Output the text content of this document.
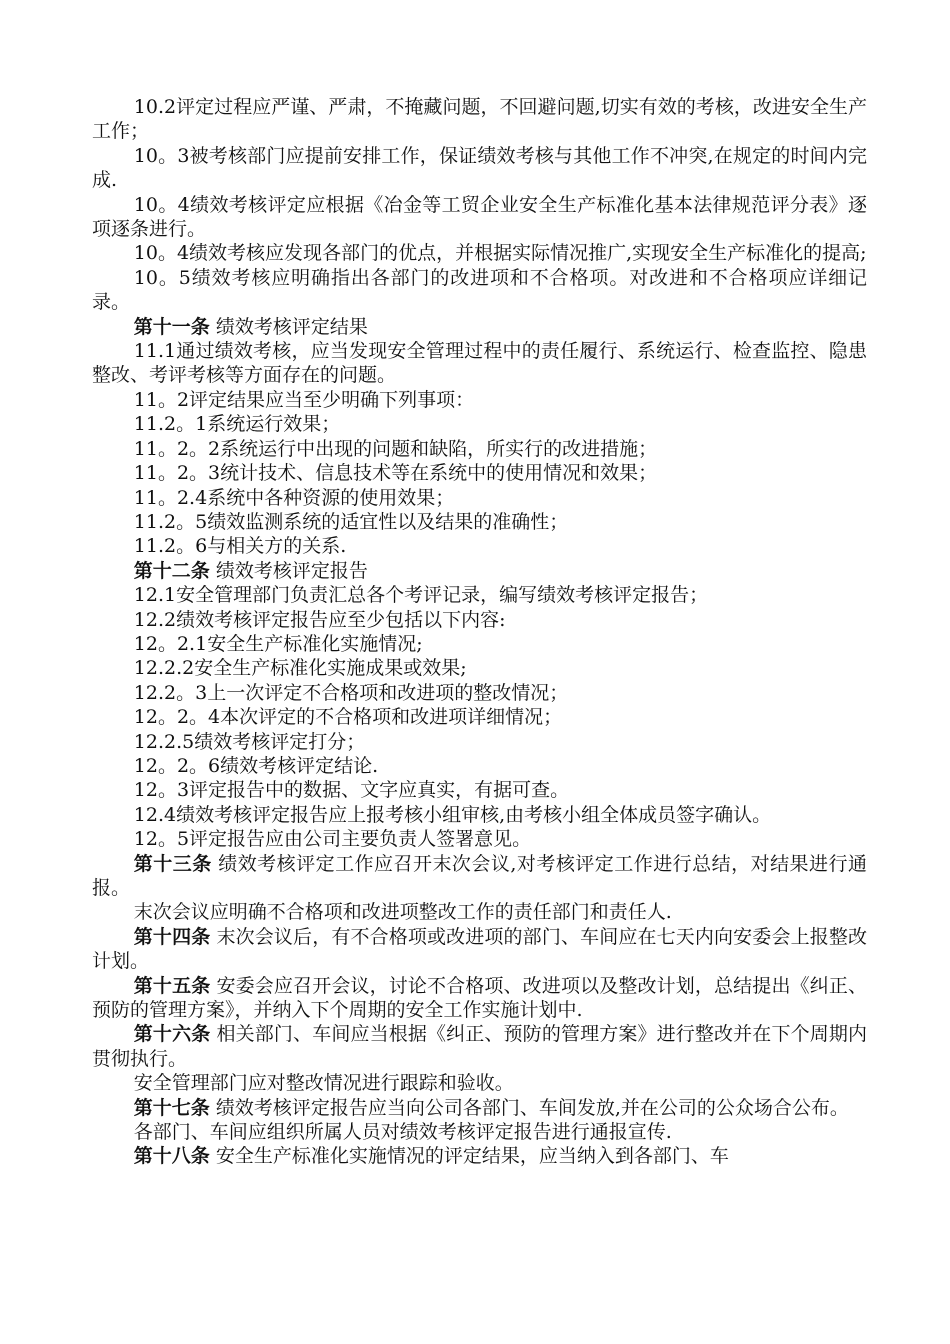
10.2评定过程应严谨、严肃，不掩藏问题，不回避问题,切实有效的考核，改进安全生产工作；

10。3被考核部门应提前安排工作，保证绩效考核与其他工作不冲突,在规定的时间内完成.

10。4绩效考核评定应根据《冶金等工贸企业安全生产标准化基本法律规范评分表》逐项逐条进行。

10。4绩效考核应发现各部门的优点，并根据实际情况推广,实现安全生产标准化的提高;

10。5绩效考核应明确指出各部门的改进项和不合格项。对改进和不合格项应详细记录。

第十一条 绩效考核评定结果

11.1通过绩效考核，应当发现安全管理过程中的责任履行、系统运行、检查监控、隐患整改、考评考核等方面存在的问题。

11。2评定结果应当至少明确下列事项：

11.2。1系统运行效果；

11。2。2系统运行中出现的问题和缺陷，所实行的改进措施；

11。2。3统计技术、信息技术等在系统中的使用情况和效果；

11。2.4系统中各种资源的使用效果；

11.2。5绩效监测系统的适宜性以及结果的准确性；

11.2。6与相关方的关系.

第十二条 绩效考核评定报告

12.1安全管理部门负责汇总各个考评记录，编写绩效考核评定报告；

12.2绩效考核评定报告应至少包括以下内容:

12。2.1安全生产标准化实施情况;

12.2.2安全生产标准化实施成果或效果;

12.2。3上一次评定不合格项和改进项的整改情况；

12。2。4本次评定的不合格项和改进项详细情况；

12.2.5绩效考核评定打分；

12。2。6绩效考核评定结论.

12。3评定报告中的数据、文字应真实，有据可查。

12.4绩效考核评定报告应上报考核小组审核,由考核小组全体成员签字确认。

12。5评定报告应由公司主要负责人签署意见。

第十三条 绩效考核评定工作应召开末次会议,对考核评定工作进行总结，对结果进行通报。

末次会议应明确不合格项和改进项整改工作的责任部门和责任人.

第十四条 末次会议后，有不合格项或改进项的部门、车间应在七天内向安委会上报整改计划。

第十五条 安委会应召开会议，讨论不合格项、改进项以及整改计划，总结提出《纠正、预防的管理方案》，并纳入下个周期的安全工作实施计划中.

第十六条 相关部门、车间应当根据《纠正、预防的管理方案》进行整改并在下个周期内贯彻执行。

安全管理部门应对整改情况进行跟踪和验收。

第十七条 绩效考核评定报告应当向公司各部门、车间发放,并在公司的公众场合公布。

各部门、车间应组织所属人员对绩效考核评定报告进行通报宣传.

第十八条 安全生产标准化实施情况的评定结果，应当纳入到各部门、车
